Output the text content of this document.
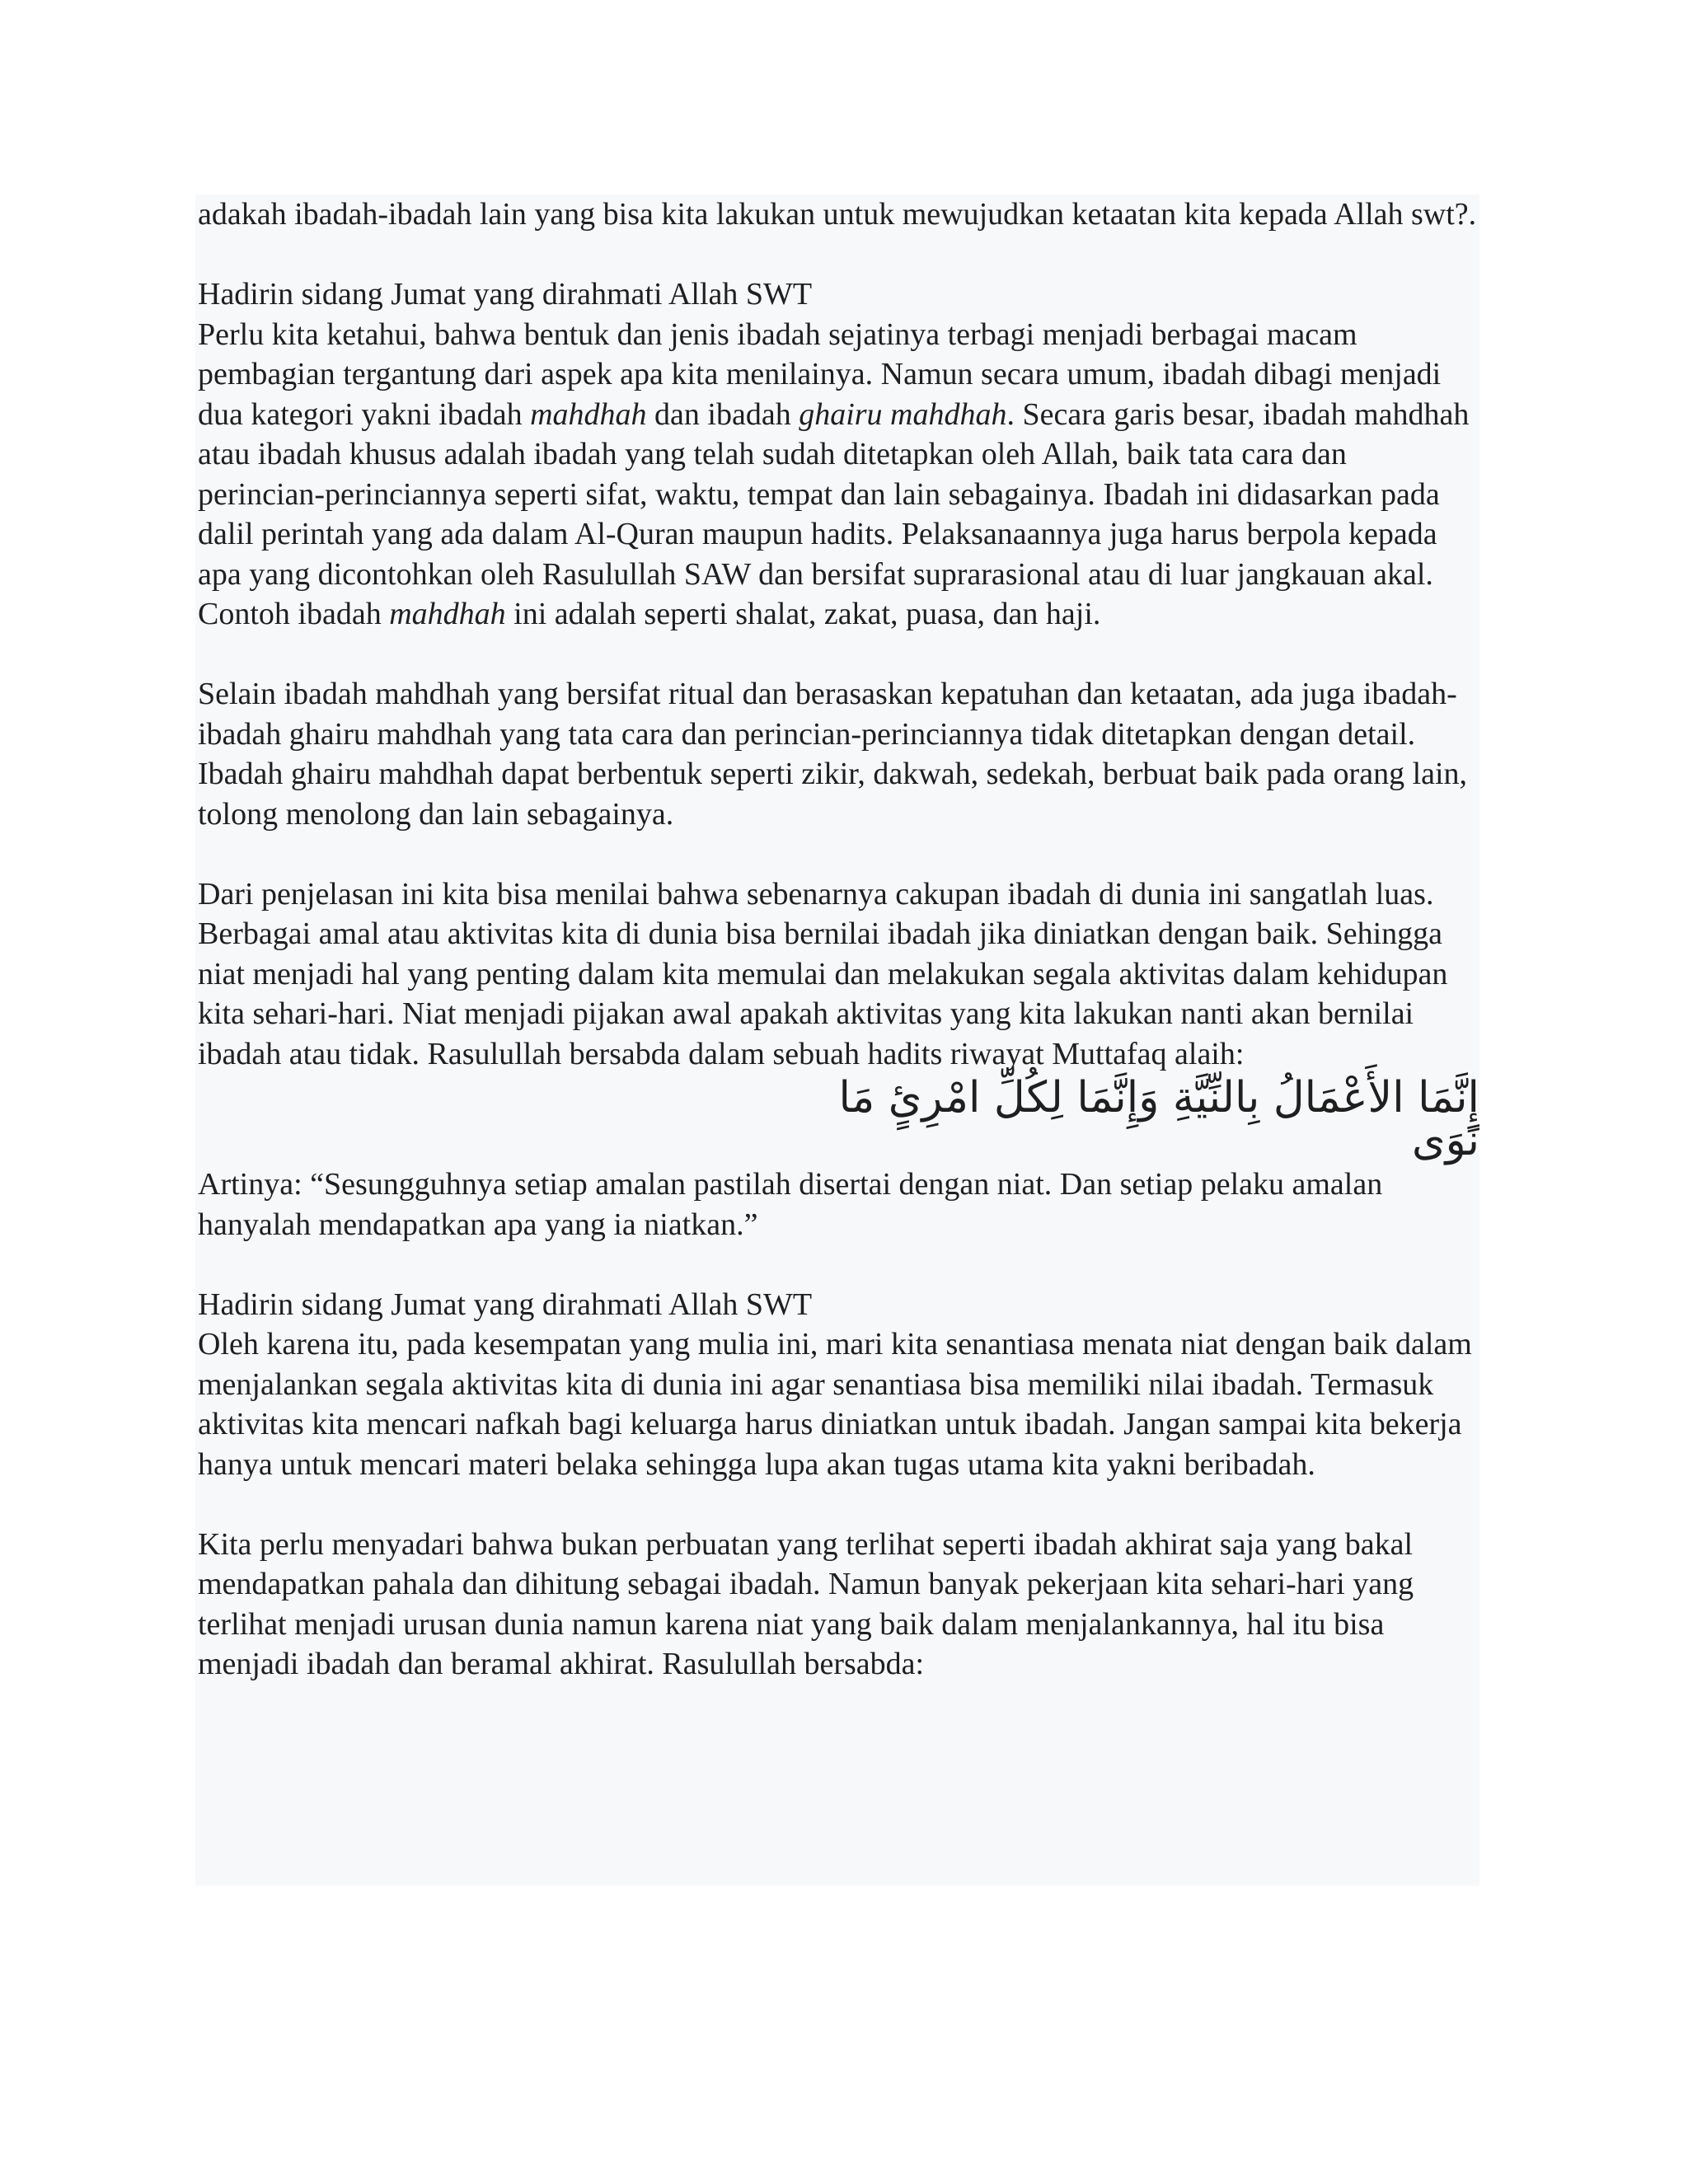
adakah ibadah-ibadah lain yang bisa kita lakukan untuk mewujudkan ketaatan kita kepada Allah swt?.

Hadirin sidang Jumat yang dirahmati Allah SWT

Perlu kita ketahui, bahwa bentuk dan jenis ibadah sejatinya terbagi menjadi berbagai macam pembagian tergantung dari aspek apa kita menilainya. Namun secara umum, ibadah dibagi menjadi dua kategori yakni ibadah mahdhah dan ibadah ghairu mahdhah. Secara garis besar, ibadah mahdhah atau ibadah khusus adalah ibadah yang telah sudah ditetapkan oleh Allah, baik tata cara dan perincian-perinciannya seperti sifat, waktu, tempat dan lain sebagainya. Ibadah ini didasarkan pada dalil perintah yang ada dalam Al-Quran maupun hadits. Pelaksanaannya juga harus berpola kepada apa yang dicontohkan oleh Rasulullah SAW dan bersifat suprarasional atau di luar jangkauan akal. Contoh ibadah mahdhah ini adalah seperti shalat, zakat, puasa, dan haji.

Selain ibadah mahdhah yang bersifat ritual dan berasaskan kepatuhan dan ketaatan, ada juga ibadah-ibadah ghairu mahdhah yang tata cara dan perincian-perinciannya tidak ditetapkan dengan detail. Ibadah ghairu mahdhah dapat berbentuk seperti zikir, dakwah, sedekah, berbuat baik pada orang lain, tolong menolong dan lain sebagainya.

Dari penjelasan ini kita bisa menilai bahwa sebenarnya cakupan ibadah di dunia ini sangatlah luas. Berbagai amal atau aktivitas kita di dunia bisa bernilai ibadah jika diniatkan dengan baik. Sehingga niat menjadi hal yang penting dalam kita memulai dan melakukan segala aktivitas dalam kehidupan kita sehari-hari. Niat menjadi pijakan awal apakah aktivitas yang kita lakukan nanti akan bernilai ibadah atau tidak. Rasulullah bersabda dalam sebuah hadits riwayat Muttafaq alaih:

إِنَّمَا الأَعْمَالُ بِالنِّيَّةِ وَإِنَّمَا لِكُلِّ امْرِئٍ مَا نَوَى

Artinya: “Sesungguhnya setiap amalan pastilah disertai dengan niat. Dan setiap pelaku amalan hanyalah mendapatkan apa yang ia niatkan.”

Hadirin sidang Jumat yang dirahmati Allah SWT

Oleh karena itu, pada kesempatan yang mulia ini, mari kita senantiasa menata niat dengan baik dalam menjalankan segala aktivitas kita di dunia ini agar senantiasa bisa memiliki nilai ibadah. Termasuk aktivitas kita mencari nafkah bagi keluarga harus diniatkan untuk ibadah. Jangan sampai kita bekerja hanya untuk mencari materi belaka sehingga lupa akan tugas utama kita yakni beribadah.

Kita perlu menyadari bahwa bukan perbuatan yang terlihat seperti ibadah akhirat saja yang bakal mendapatkan pahala dan dihitung sebagai ibadah. Namun banyak pekerjaan kita sehari-hari yang terlihat menjadi urusan dunia namun karena niat yang baik dalam menjalankannya, hal itu bisa menjadi ibadah dan beramal akhirat. Rasulullah bersabda:
